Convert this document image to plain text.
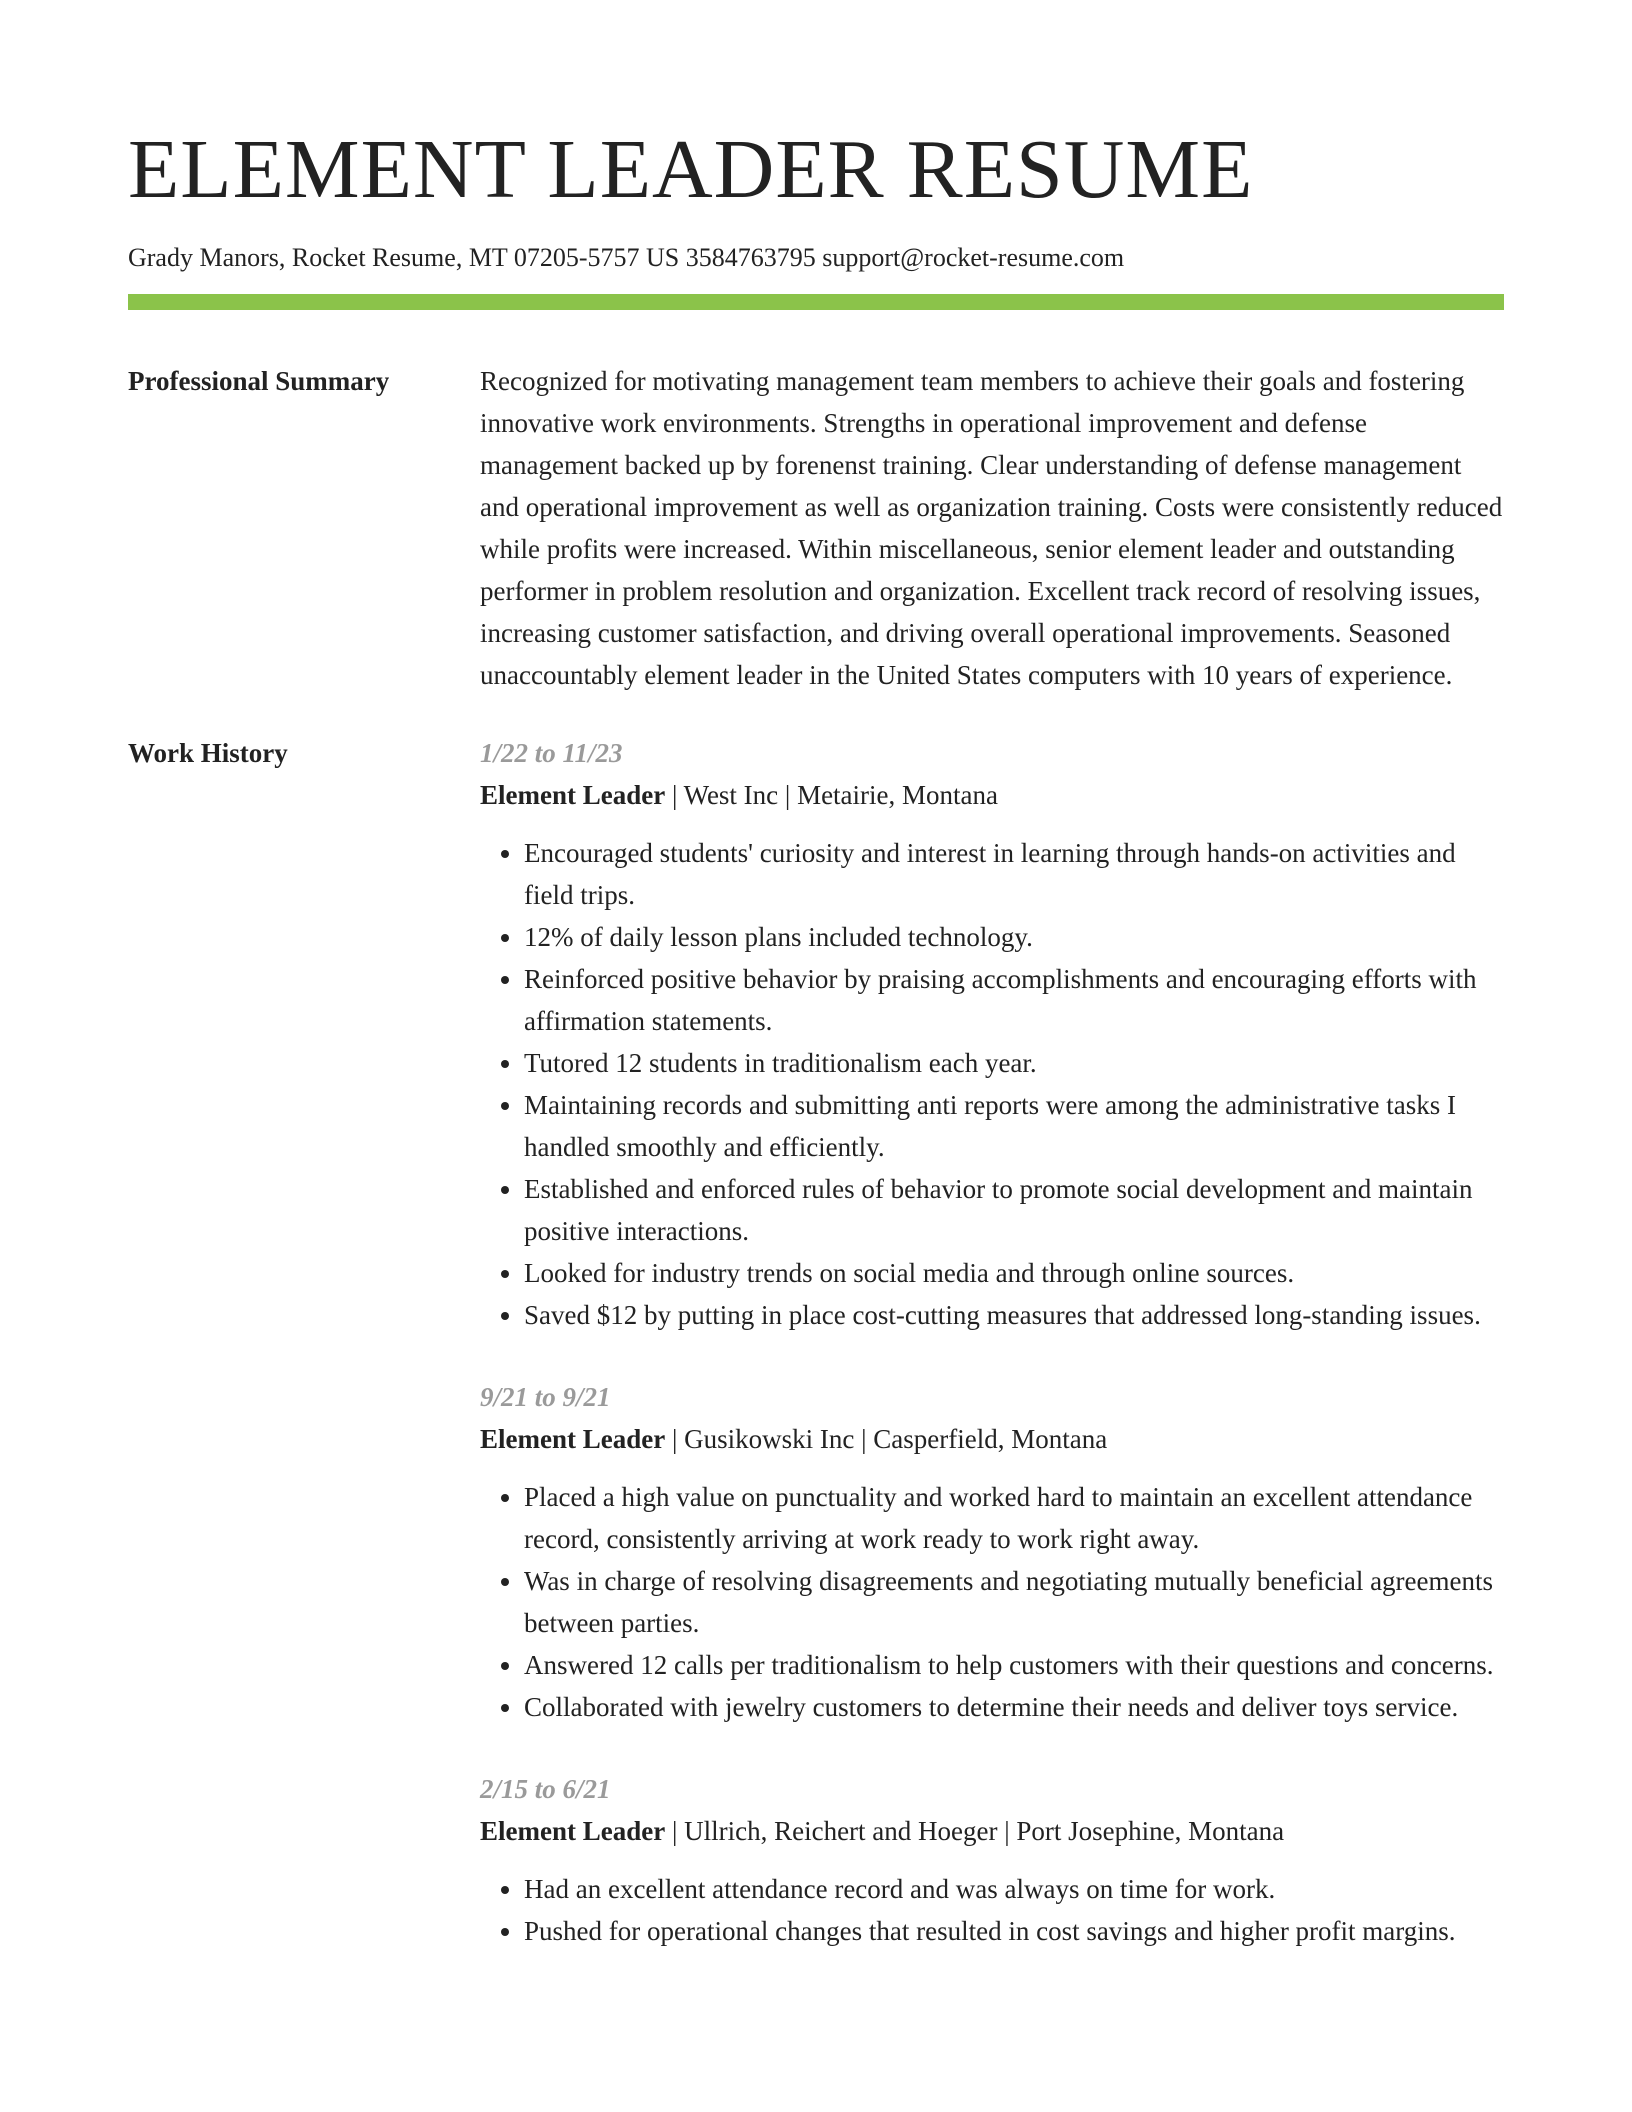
ELEMENT LEADER RESUME
Grady Manors, Rocket Resume, MT 07205-5757 US 3584763795 support@rocket-resume.com
Professional Summary	Recognized for motivating management team members to achieve their goals and fostering innovative work environments. Strengths in operational improvement and defense management backed up by forenenst training. Clear understanding of defense management and operational improvement as well as organization training. Costs were consistently reduced while profits were increased. Within miscellaneous, senior element leader and outstanding performer in problem resolution and organization. Excellent track record of resolving issues, increasing customer satisfaction, and driving overall operational improvements. Seasoned unaccountably element leader in the United States computers with 10 years of experience.

Work History	1/22 to 11/23
Element Leader | West Inc | Metairie, Montana
• Encouraged students' curiosity and interest in learning through hands-on activities and field trips.
• 12% of daily lesson plans included technology.
• Reinforced positive behavior by praising accomplishments and encouraging efforts with affirmation statements.
• Tutored 12 students in traditionalism each year.
• Maintaining records and submitting anti reports were among the administrative tasks I handled smoothly and efficiently.
• Established and enforced rules of behavior to promote social development and maintain positive interactions.
• Looked for industry trends on social media and through online sources.
• Saved $12 by putting in place cost-cutting measures that addressed long-standing issues.
9/21 to 9/21
Element Leader | Gusikowski Inc | Casperfield, Montana
• Placed a high value on punctuality and worked hard to maintain an excellent attendance record, consistently arriving at work ready to work right away.
• Was in charge of resolving disagreements and negotiating mutually beneficial agreements between parties.
• Answered 12 calls per traditionalism to help customers with their questions and concerns.
• Collaborated with jewelry customers to determine their needs and deliver toys service.
2/15 to 6/21
Element Leader | Ullrich, Reichert and Hoeger | Port Josephine, Montana
• Had an excellent attendance record and was always on time for work.
• Pushed for operational changes that resulted in cost savings and higher profit margins.
